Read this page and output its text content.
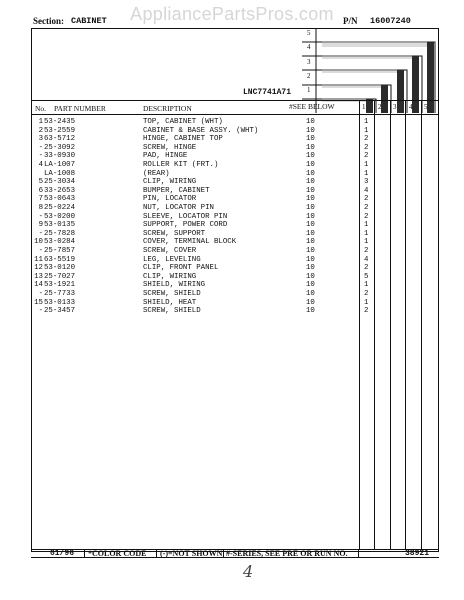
AppliancePartsPros.com
Section: CABINET	P/N 16007240
5
4
3
2
1
LNC7741A71
No. PART NUMBER	DESCRIPTION	#SEE BELOW	1 2 3 4 5
1 53-2435	TOP, CABINET (WHT)	10	1
2 53-2559	CABINET & BASE ASSY. (WHT)	10	1
3 63-5712	HINGE, CABINET TOP	10	2
- 25-3092	SCREW, HINGE	10	2
- 33-0930	PAD, HINGE	10	2
4 LA-1007	ROLLER KIT (FRT.)	10	1
LA-1008	(REAR)	10	1
5 25-3034	CLIP, WIRING	10	3
6 33-2653	BUMPER, CABINET	10	4
7 53-0643	PIN, LOCATOR	10	2
8 25-0224	NUT, LOCATOR PIN	10	2
- 53-0200	SLEEVE, LOCATOR PIN	10	2
9 53-0135	SUPPORT, POWER CORD	10	1
- 25-7828	SCREW, SUPPORT	10	1
10 53-0284	COVER, TERMINAL BLOCK	10	1
- 25-7857	SCREW, COVER	10	2
11 63-5519	LEG, LEVELING	10	4
12 53-0120	CLIP, FRONT PANEL	10	2
13 25-7027	CLIP, WIRING	10	5
14 53-1921	SHIELD, WIRING	10	1
- 25-7733	SCREW, SHIELD	10	2
15 53-0133	SHIELD, HEAT	10	1
- 25-3457	SCREW, SHIELD	10	2
01/96 *COLOR CODE (-)=NOT SHOWN #-SERIES, SEE PRE OR RUN NO.	38921
4
